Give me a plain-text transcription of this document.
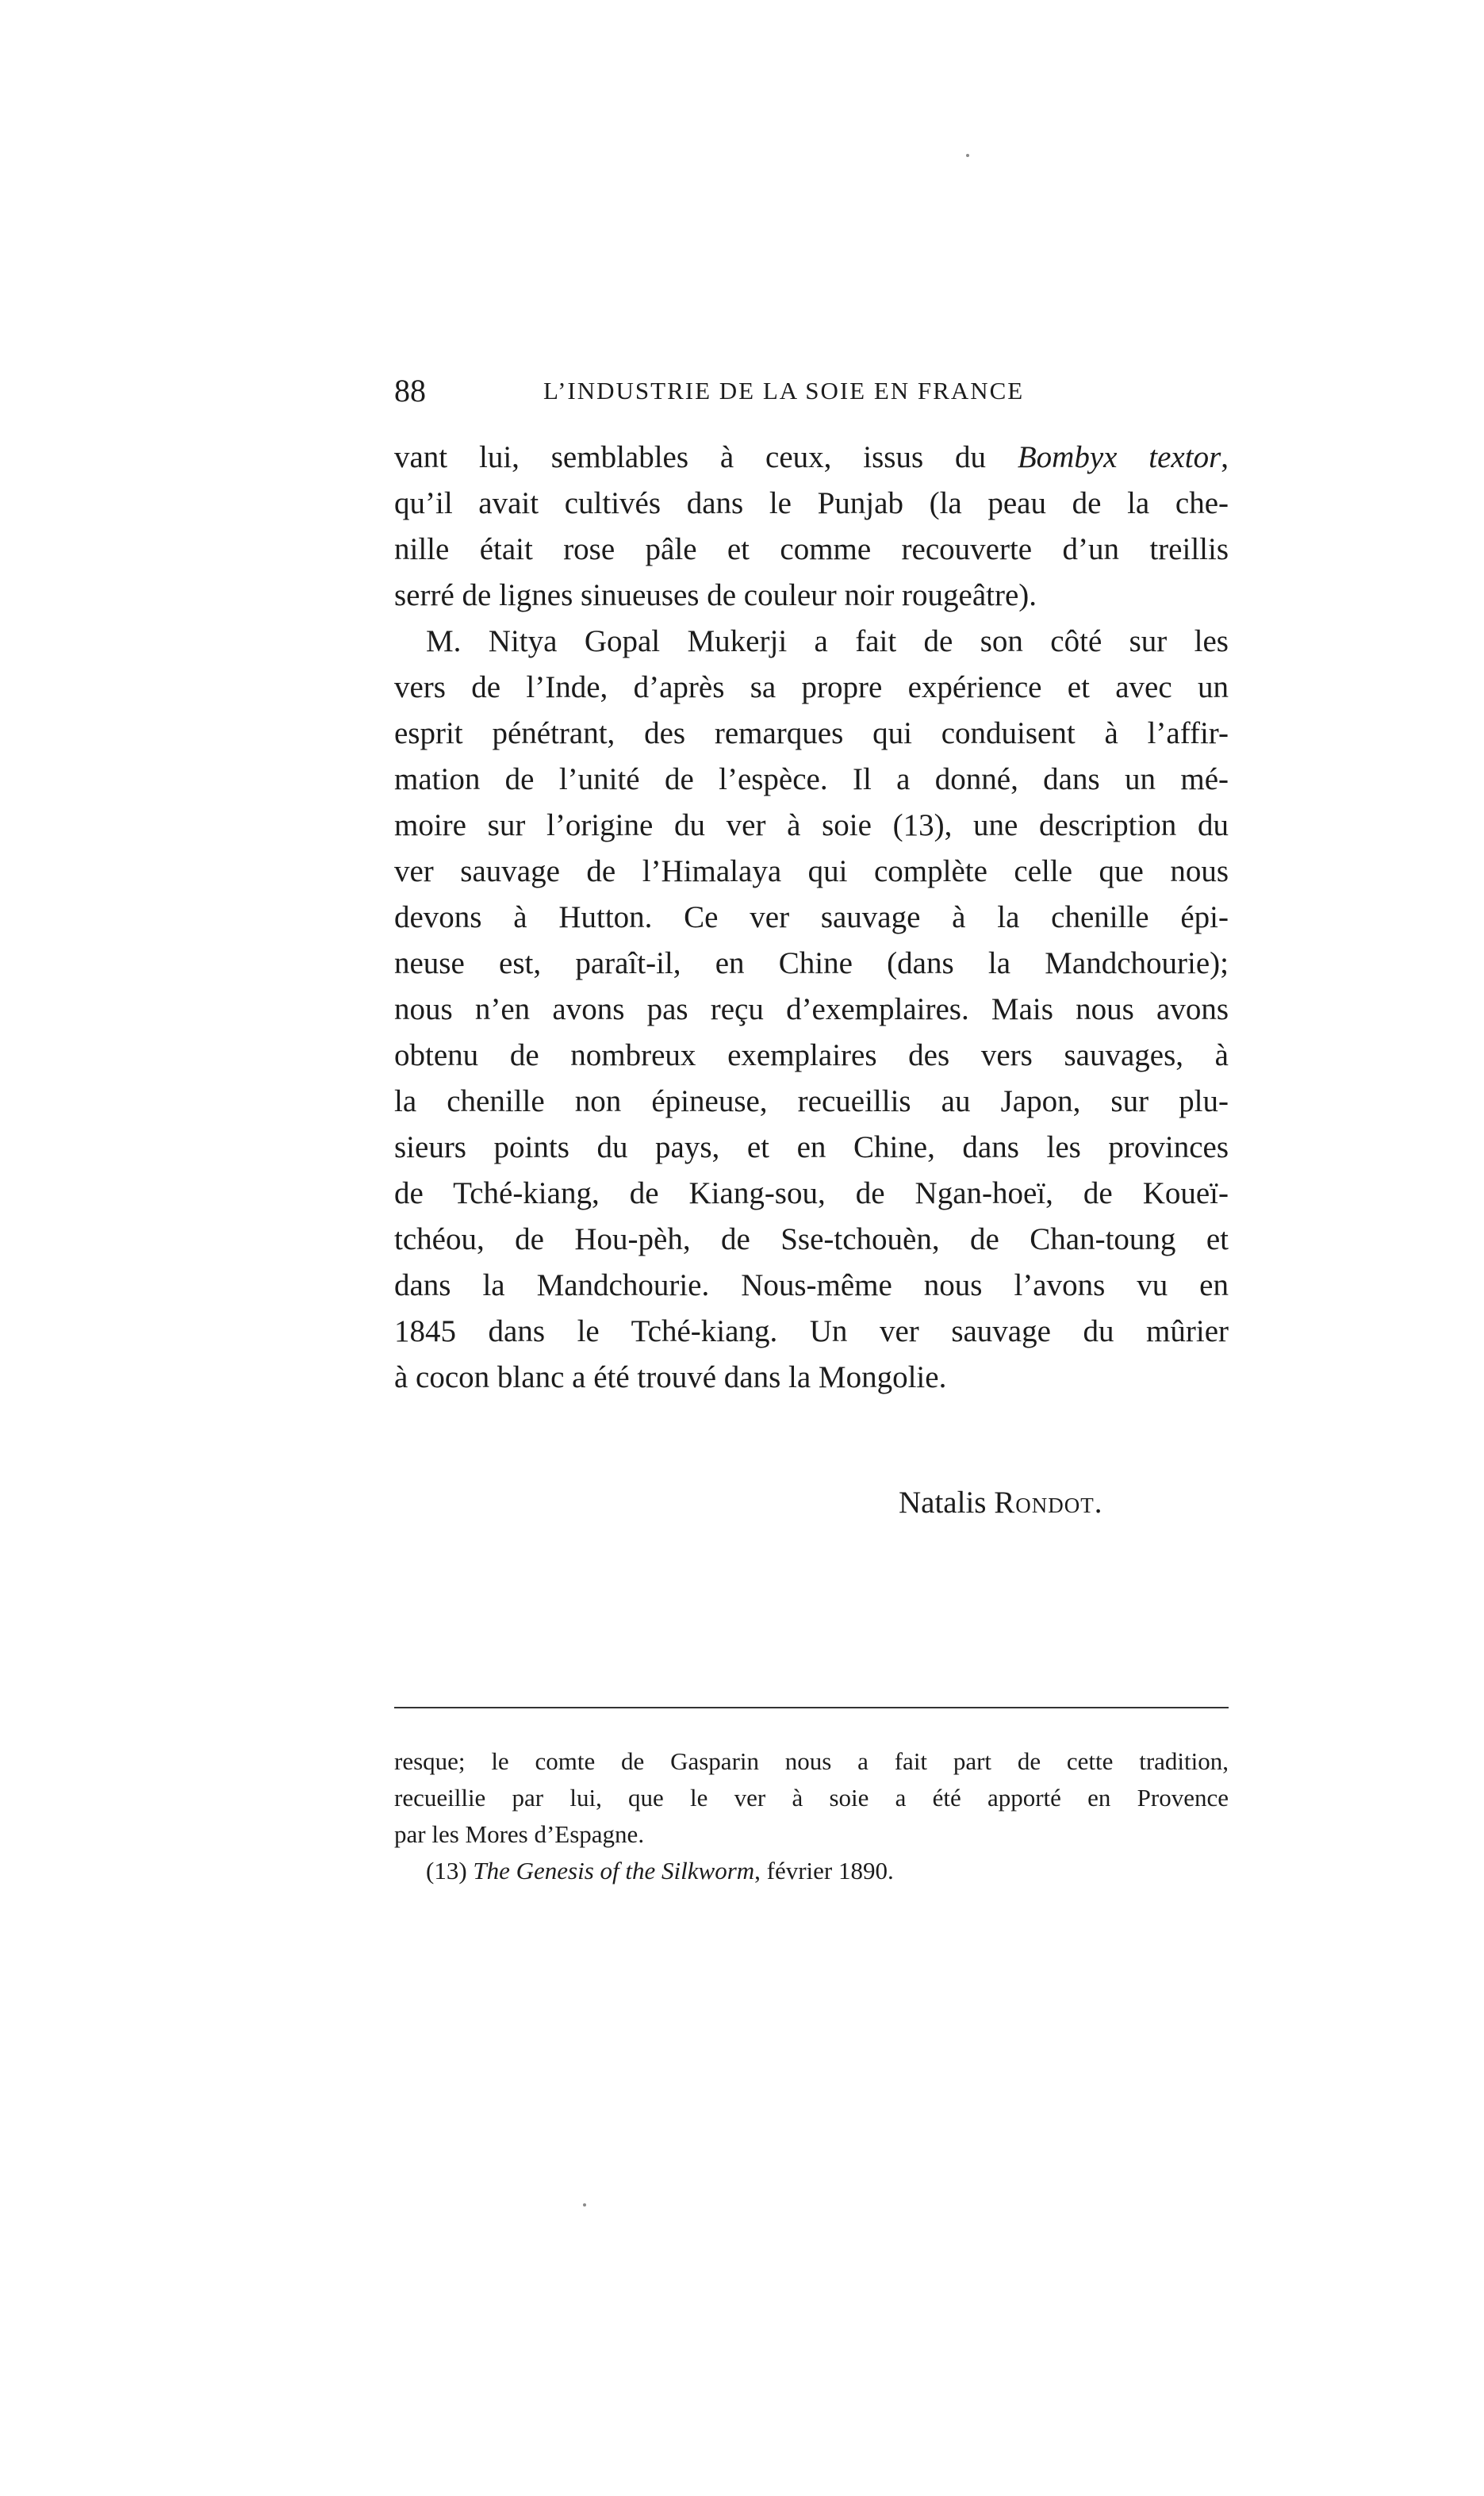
88	L’INDUSTRIE DE LA SOIE EN FRANCE
vant lui, semblables à ceux, issus du Bombyx textor,
qu’il avait cultivés dans le Punjab (la peau de la che-
nille était rose pâle et comme recouverte d’un treillis
serré de lignes sinueuses de couleur noir rougeâtre).
M. Nitya Gopal Mukerji a fait de son côté sur les
vers de l’Inde, d’après sa propre expérience et avec un
esprit pénétrant, des remarques qui conduisent à l’affir-
mation de l’unité de l’espèce. Il a donné, dans un mé-
moire sur l’origine du ver à soie (13), une description du
ver sauvage de l’Himalaya qui complète celle que nous
devons à Hutton. Ce ver sauvage à la chenille épi-
neuse est, paraît-il, en Chine (dans la Mandchourie);
nous n’en avons pas reçu d’exemplaires. Mais nous avons
obtenu de nombreux exemplaires des vers sauvages, à
la chenille non épineuse, recueillis au Japon, sur plu-
sieurs points du pays, et en Chine, dans les provinces
de Tché-kiang, de Kiang-sou, de Ngan-hoeï, de Koueï-
tchéou, de Hou-pèh, de Sse-tchouèn, de Chan-toung et
dans la Mandchourie. Nous-même nous l’avons vu en
1845 dans le Tché-kiang. Un ver sauvage du mûrier
à cocon blanc a été trouvé dans la Mongolie.
Natalis Rondot.
resque; le comte de Gasparin nous a fait part de cette tradition,
recueillie par lui, que le ver à soie a été apporté en Provence
par les Mores d’Espagne.
(13) The Genesis of the Silkworm, février 1890.
